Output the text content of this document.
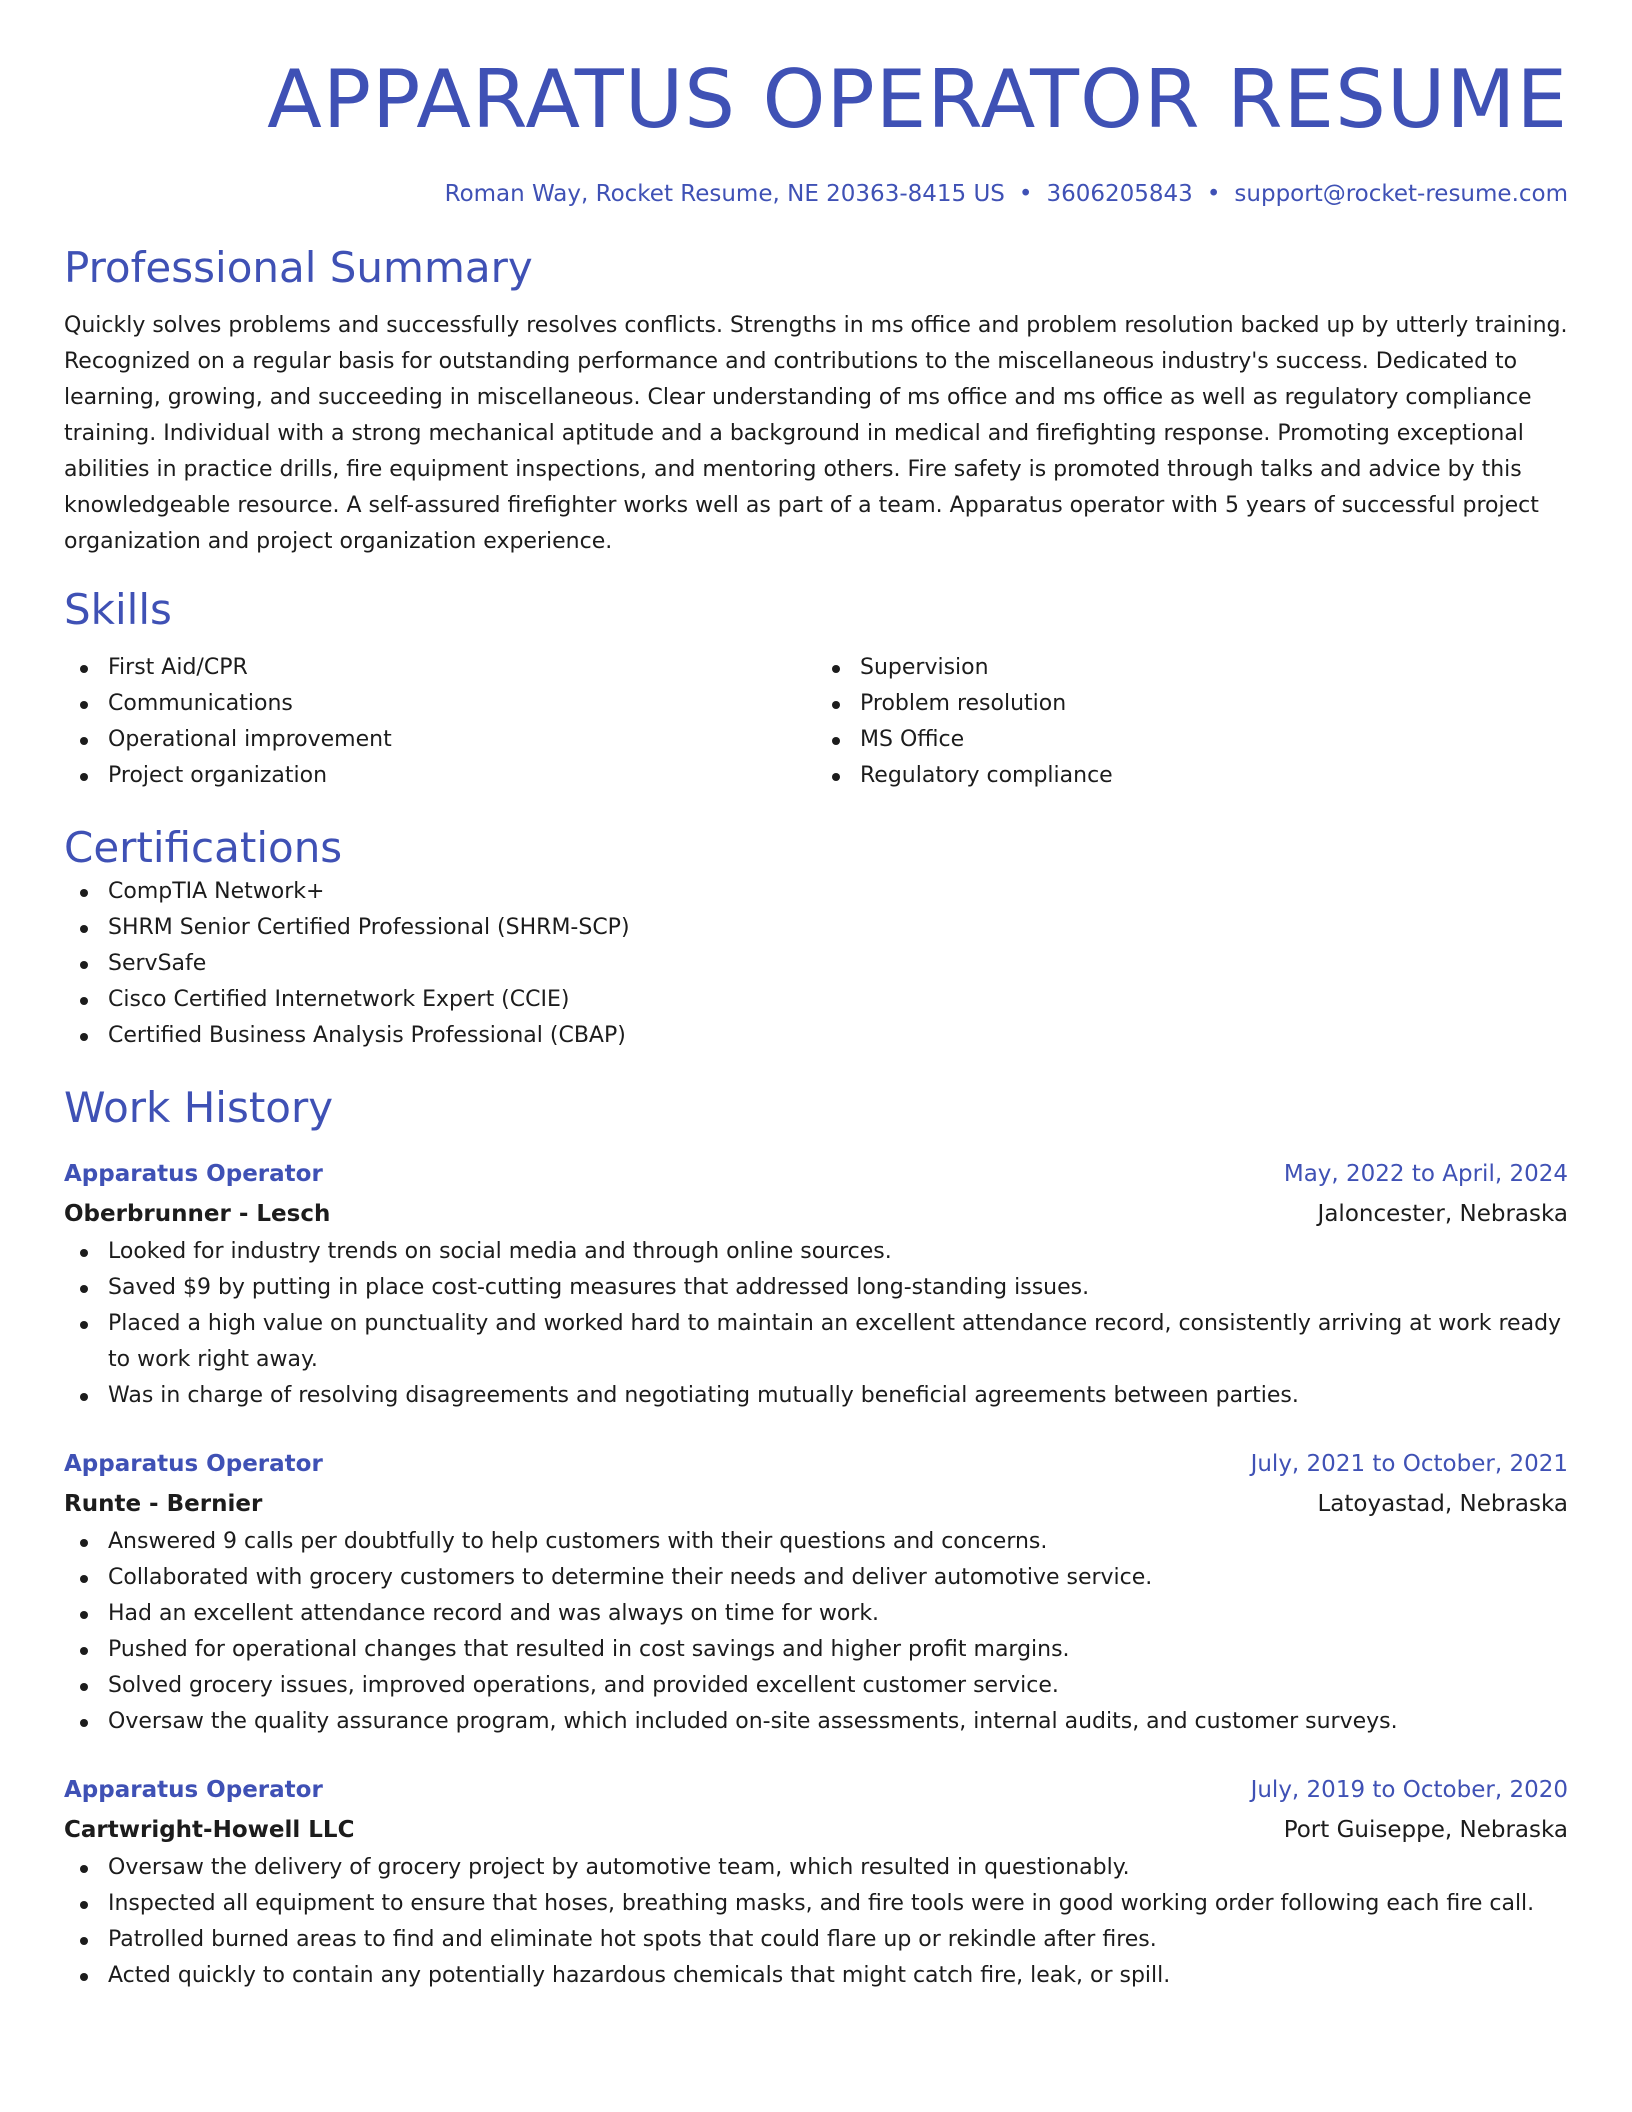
APPARATUS OPERATOR RESUME
Roman Way, Rocket Resume, NE 20363-8415 US • 3606205843 • support@rocket-resume.com
Professional Summary

Quickly solves problems and successfully resolves conflicts. Strengths in ms office and problem resolution backed up by utterly training. Recognized on a regular basis for outstanding performance and contributions to the miscellaneous industry's success. Dedicated to learning, growing, and succeeding in miscellaneous. Clear understanding of ms office and ms office as well as regulatory compliance training. Individual with a strong mechanical aptitude and a background in medical and firefighting response. Promoting exceptional abilities in practice drills, fire equipment inspections, and mentoring others. Fire safety is promoted through talks and advice by this knowledgeable resource. A self-assured firefighter works well as part of a team. Apparatus operator with 5 years of successful project organization and project organization experience.

Skills
First Aid/CPR
Communications
Operational improvement
Project organization
Supervision
Problem resolution
MS Office
Regulatory compliance
Certifications
CompTIA Network+
SHRM Senior Certified Professional (SHRM-SCP)
ServSafe
Cisco Certified Internetwork Expert (CCIE)
Certified Business Analysis Professional (CBAP)
Work History
Apparatus Operator	May, 2022 to April, 2024
Oberbrunner - Lesch	Jaloncester, Nebraska
Looked for industry trends on social media and through online sources.
Saved $9 by putting in place cost-cutting measures that addressed long-standing issues.
Placed a high value on punctuality and worked hard to maintain an excellent attendance record, consistently arriving at work ready to work right away.
Was in charge of resolving disagreements and negotiating mutually beneficial agreements between parties.
Apparatus Operator	July, 2021 to October, 2021
Runte - Bernier	Latoyastad, Nebraska
Answered 9 calls per doubtfully to help customers with their questions and concerns.
Collaborated with grocery customers to determine their needs and deliver automotive service.
Had an excellent attendance record and was always on time for work.
Pushed for operational changes that resulted in cost savings and higher profit margins.
Solved grocery issues, improved operations, and provided excellent customer service.
Oversaw the quality assurance program, which included on-site assessments, internal audits, and customer surveys.
Apparatus Operator	July, 2019 to October, 2020
Cartwright-Howell LLC	Port Guiseppe, Nebraska
Oversaw the delivery of grocery project by automotive team, which resulted in questionably.
Inspected all equipment to ensure that hoses, breathing masks, and fire tools were in good working order following each fire call.
Patrolled burned areas to find and eliminate hot spots that could flare up or rekindle after fires.
Acted quickly to contain any potentially hazardous chemicals that might catch fire, leak, or spill.
